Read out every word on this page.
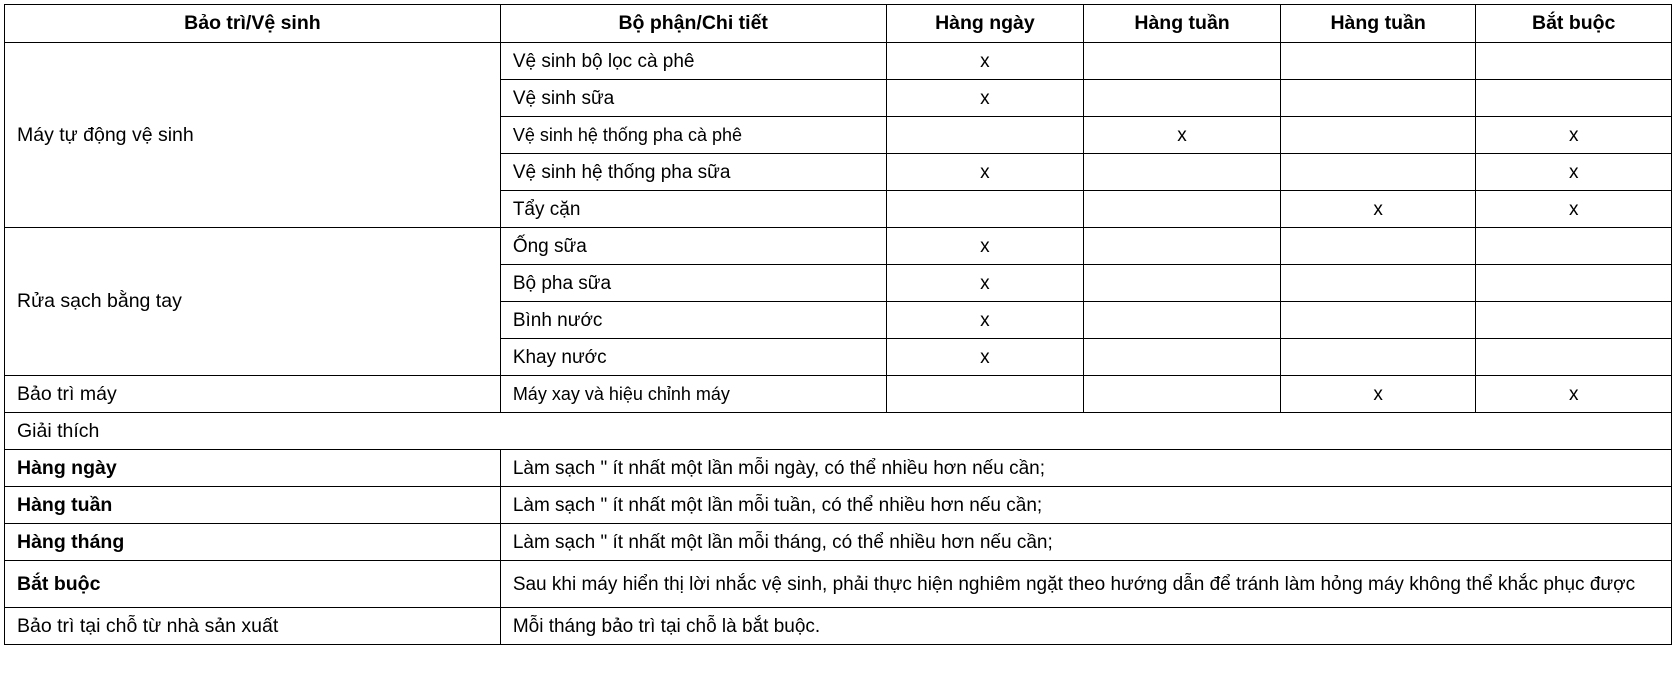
Bảo trì/Vệ sinh	Bộ phận/Chi tiết	Hàng ngày	Hàng tuần	Hàng tuần	Bắt buộc
Máy tự động vệ sinh	Vệ sinh bộ lọc cà phê	x			
	Vệ sinh sữa	x			
	Vệ sinh hệ thống pha cà phê		x		x
	Vệ sinh hệ thống pha sữa	x			x
	Tẩy cặn			x	x
Rửa sạch bằng tay	Ống sữa	x			
	Bộ pha sữa	x			
	Bình nước	x			
	Khay nước	x			
Bảo trì máy	Máy xay và hiệu chỉnh máy			x	x
Giải thích					
Hàng ngày	Làm sạch " ít nhất một lần mỗi ngày, có thể nhiều hơn nếu cần;				
Hàng tuần	Làm sạch " ít nhất một lần mỗi tuần, có thể nhiều hơn nếu cần;				
Hàng tháng	Làm sạch " ít nhất một lần mỗi tháng, có thể nhiều hơn nếu cần;				
Bắt buộc	Sau khi máy hiển thị lời nhắc vệ sinh, phải thực hiện nghiêm ngặt theo hướng dẫn để tránh làm hỏng máy không thể khắc phục được				
Bảo trì tại chỗ từ nhà sản xuất	Mỗi tháng bảo trì tại chỗ là bắt buộc.				
